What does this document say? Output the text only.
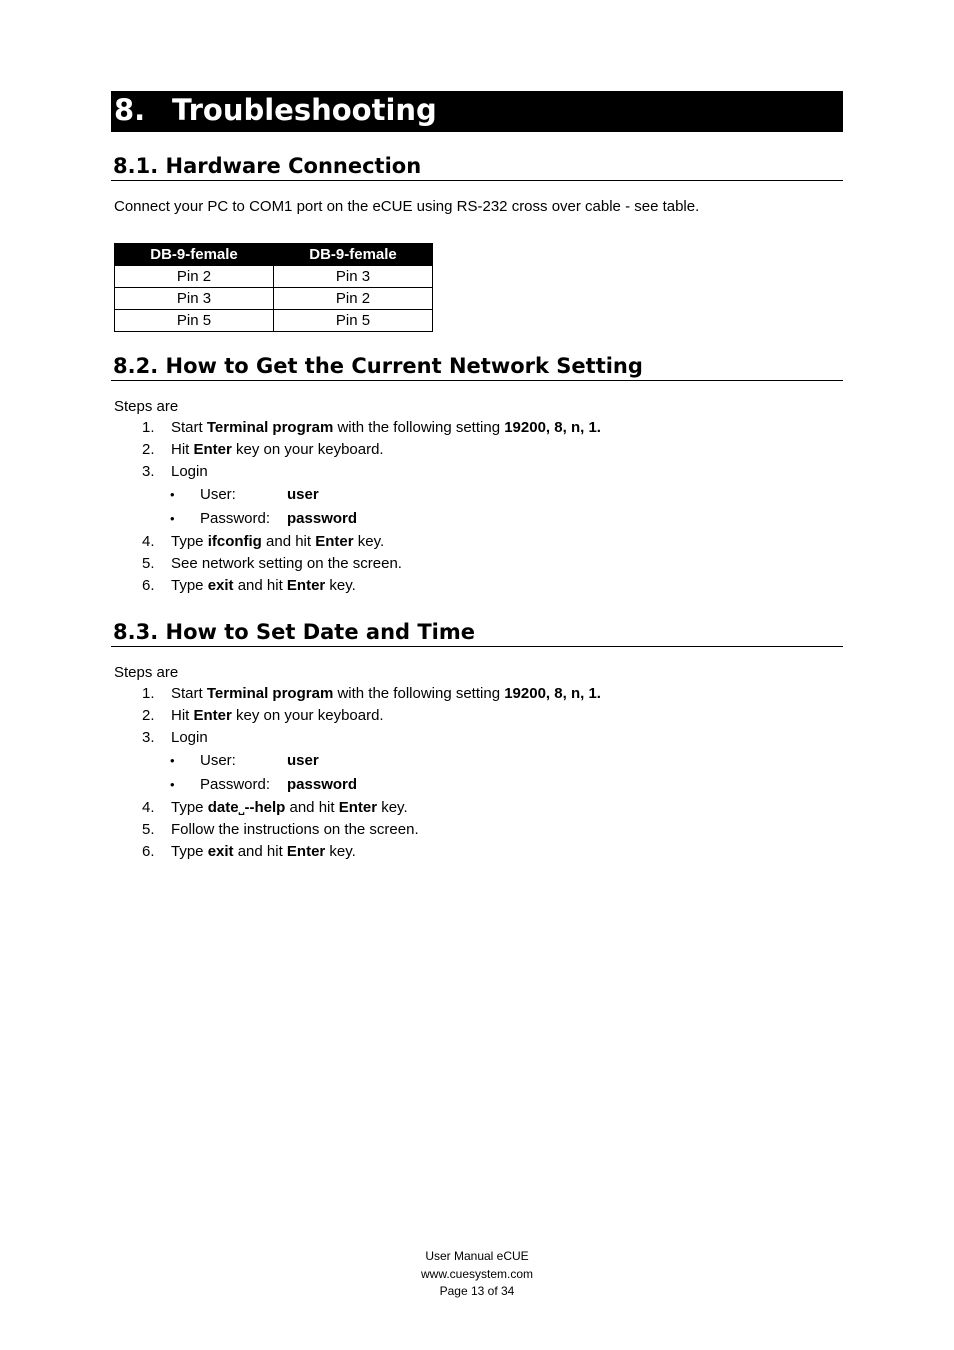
8. Troubleshooting
8.1. Hardware Connection
Connect your PC to COM1 port on the eCUE using RS-232 cross over cable - see table.
DB-9-female	DB-9-female
Pin 2	Pin 3
Pin 3	Pin 2
Pin 5	Pin 5
8.2. How to Get the Current Network Setting
Steps are
1. Start Terminal program with the following setting 19200, 8, n, 1.
2. Hit Enter key on your keyboard.
3. Login
• User:	user
• Password: password
4. Type ifconfig and hit Enter key.
5. See network setting on the screen.
6. Type exit and hit Enter key.
8.3. How to Set Date and Time
Steps are
1. Start Terminal program with the following setting 19200, 8, n, 1.
2. Hit Enter key on your keyboard.
3. Login
• User:	user
• Password: password
4. Type date˽--help and hit Enter key.
5. Follow the instructions on the screen.
6. Type exit and hit Enter key.
User Manual eCUE
www.cuesystem.com
Page 13 of 34
